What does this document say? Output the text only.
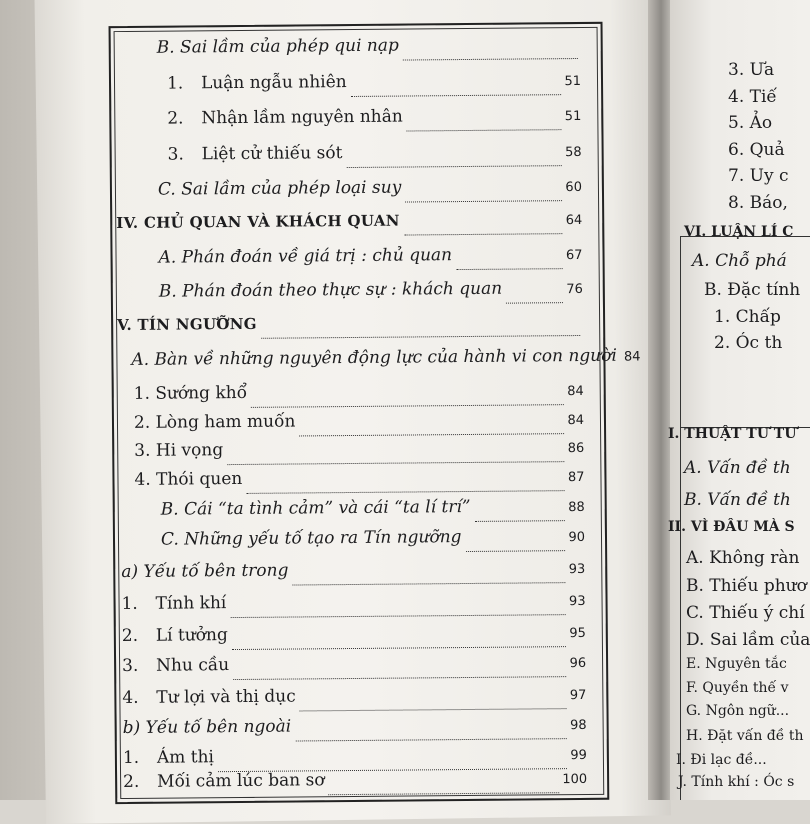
B. Sai lầm của phép qui nạp
1.	Luận ngẫu nhiên	51
2.	Nhận lầm nguyên nhân	51
3.	Liệt cử thiếu sót	58
C. Sai lầm của phép loại suy	60
IV. CHỦ QUAN VÀ KHÁCH QUAN	64
A. Phán đoán về giá trị : chủ quan	67
B. Phán đoán theo thực sự : khách quan	76
V. TÍN NGƯỠNG
A. Bàn về những nguyên động lực của hành vi con người 84
1. Sướng khổ	84
2. Lòng ham muốn	84
3. Hi vọng	86
4. Thói quen	87
B. Cái “ta tình cảm” và cái “ta lí trí”	88
C. Những yếu tố tạo ra Tín ngưỡng	90
a) Yếu tố bên trong	93
1.	Tính khí	93
2.	Lí tưởng	95
3.	Nhu cầu	96
4.	Tư lợi và thị dục	97
b) Yếu tố bên ngoài	98
1.	Ám thị	99
2.	Mối cảm lúc ban sơ	100
3. Ưa
4. Tiế
5. Ảo
6. Quả
7. Uy c
8. Báo,
VI. LUẬN LÍ C
A. Chỗ phá
B. Đặc tính
1. Chấp
2. Óc th
I. THUẬT TƯ TƯ
A. Vấn đề th
B. Vấn đề th
II. VÌ ĐÂU MÀ S
A. Không ràn
B. Thiếu phươ
C. Thiếu ý chí
D. Sai lầm của
E. Nguyên tắc
F. Quyền thế v
G. Ngôn ngữ...
H. Đặt vấn đề th
I. Đi lạc đề...
J. Tính khí : Óc s
